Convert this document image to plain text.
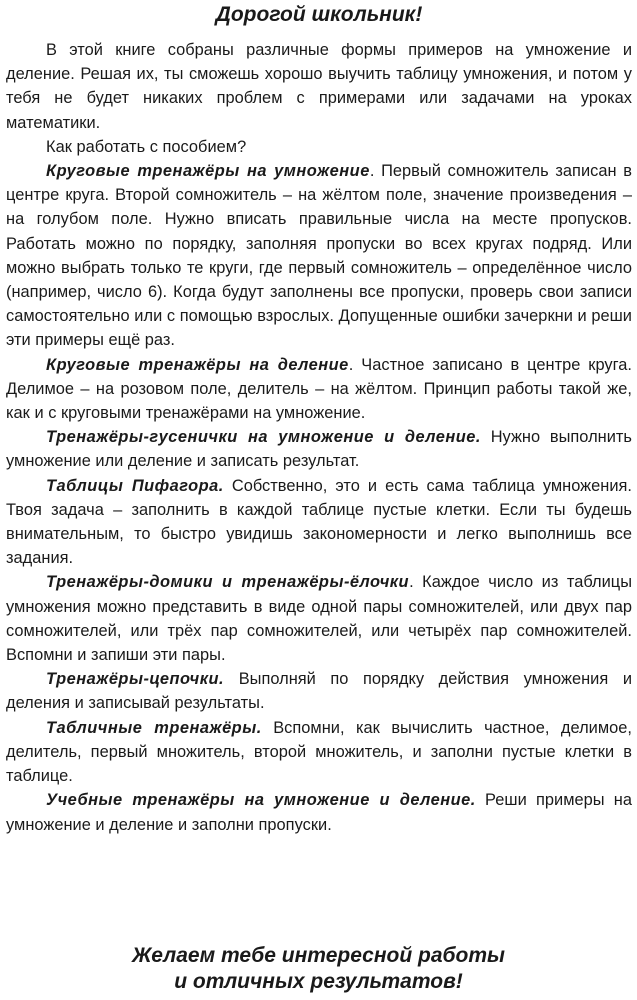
Дорогой школьник!

В этой книге собраны различные формы примеров на умножение и деление. Решая их, ты сможешь хорошо выучить таблицу умножения, и потом у тебя не будет никаких проблем с примерами или задачами на уроках математики.

Как работать с пособием?

Круговые тренажёры на умножение. Первый сомножитель записан в центре круга. Второй сомножитель – на жёлтом поле, значение произведения – на голубом поле. Нужно вписать правильные числа на месте пропусков. Работать можно по порядку, заполняя пропуски во всех кругах подряд. Или можно выбрать только те круги, где первый сомножитель – определённое число (например, число 6). Когда будут заполнены все пропуски, проверь свои записи самостоятельно или с помощью взрослых. Допущенные ошибки зачеркни и реши эти примеры ещё раз.

Круговые тренажёры на деление. Частное записано в центре круга. Делимое – на розовом поле, делитель – на жёлтом. Принцип работы такой же, как и с круговыми тренажёрами на умножение.

Тренажёры-гусенички на умножение и деление. Нужно выполнить умножение или деление и записать результат.

Таблицы Пифагора. Собственно, это и есть сама таблица умножения. Твоя задача – заполнить в каждой таблице пустые клетки. Если ты будешь внимательным, то быстро увидишь закономерности и легко выполнишь все задания.

Тренажёры-домики и тренажёры-ёлочки. Каждое число из таблицы умножения можно представить в виде одной пары сомножителей, или двух пар сомножителей, или трёх пар сомножителей, или четырёх пар сомножителей. Вспомни и запиши эти пары.

Тренажёры-цепочки. Выполняй по порядку действия умножения и деления и записывай результаты.

Табличные тренажёры. Вспомни, как вычислить частное, делимое, делитель, первый множитель, второй множитель, и заполни пустые клетки в таблице.

Учебные тренажёры на умножение и деление. Реши примеры на умножение и деление и заполни пропуски.

Желаем тебе интересной работы
и отличных результатов!
